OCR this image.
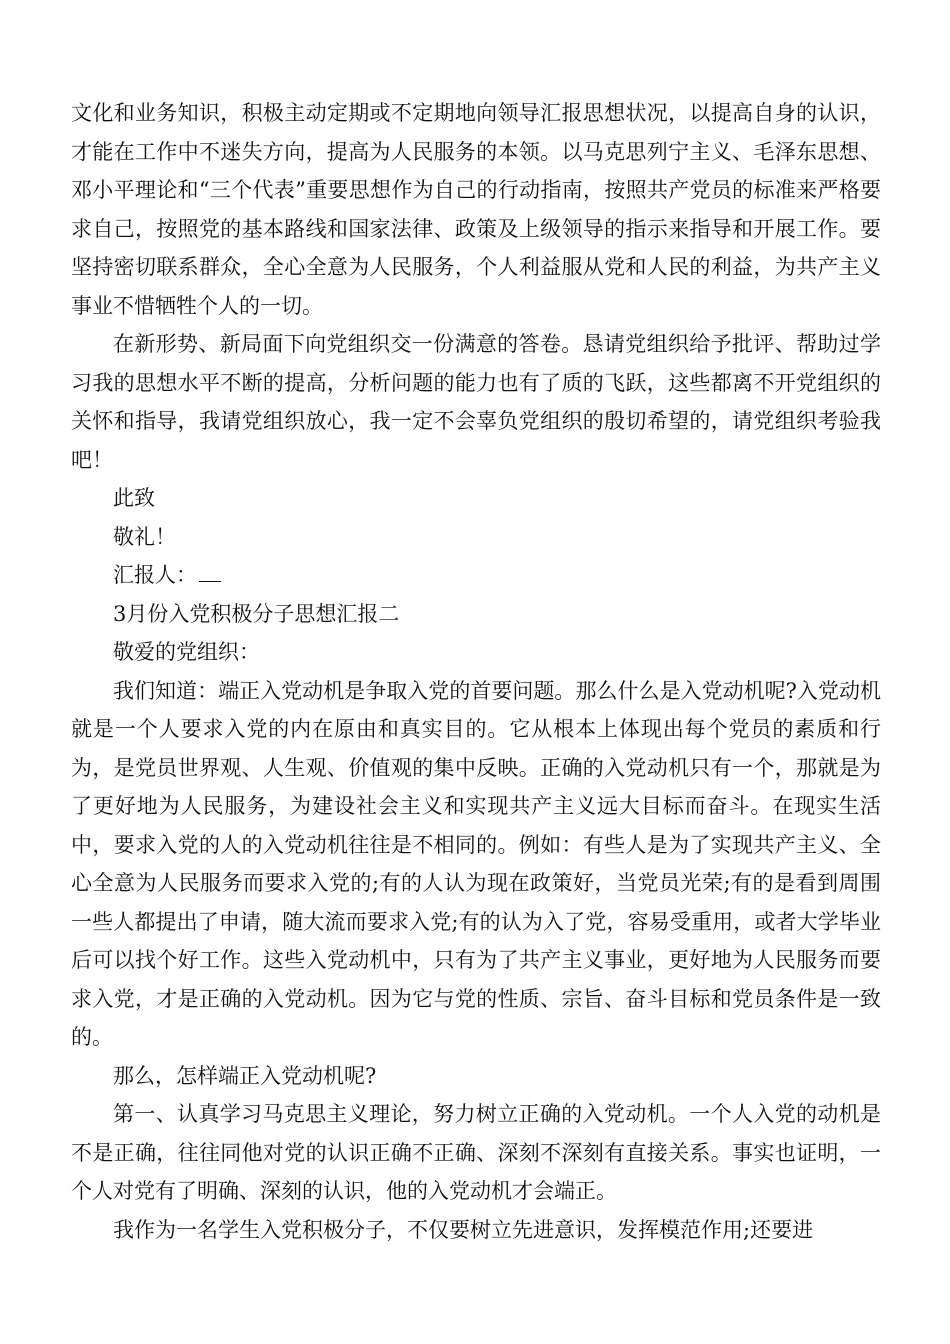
文化和业务知识，积极主动定期或不定期地向领导汇报思想状况，以提高自身的认识，才能在工作中不迷失方向，提高为人民服务的本领。以马克思列宁主义、毛泽东思想、邓小平理论和“三个代表”重要思想作为自己的行动指南，按照共产党员的标准来严格要求自己，按照党的基本路线和国家法律、政策及上级领导的指示来指导和开展工作。要坚持密切联系群众，全心全意为人民服务，个人利益服从党和人民的利益，为共产主义事业不惜牺牲个人的一切。

在新形势、新局面下向党组织交一份满意的答卷。恳请党组织给予批评、帮助过学习我的思想水平不断的提高，分析问题的能力也有了质的飞跃，这些都离不开党组织的关怀和指导，我请党组织放心，我一定不会辜负党组织的殷切希望的，请党组织考验我吧！

此致

敬礼！

汇报人：

3月份入党积极分子思想汇报二

敬爱的党组织：

我们知道：端正入党动机是争取入党的首要问题。那么什么是入党动机呢?入党动机就是一个人要求入党的内在原由和真实目的。它从根本上体现出每个党员的素质和行为，是党员世界观、人生观、价值观的集中反映。正确的入党动机只有一个，那就是为了更好地为人民服务，为建设社会主义和实现共产主义远大目标而奋斗。在现实生活中，要求入党的人的入党动机往往是不相同的。例如：有些人是为了实现共产主义、全心全意为人民服务而要求入党的;有的人认为现在政策好，当党员光荣;有的是看到周围一些人都提出了申请，随大流而要求入党;有的认为入了党，容易受重用，或者大学毕业后可以找个好工作。这些入党动机中，只有为了共产主义事业，更好地为人民服务而要求入党，才是正确的入党动机。因为它与党的性质、宗旨、奋斗目标和党员条件是一致的。

那么，怎样端正入党动机呢?

第一、认真学习马克思主义理论，努力树立正确的入党动机。一个人入党的动机是不是正确，往往同他对党的认识正确不正确、深刻不深刻有直接关系。事实也证明，一个人对党有了明确、深刻的认识，他的入党动机才会端正。

我作为一名学生入党积极分子，不仅要树立先进意识，发挥模范作用;还要进
